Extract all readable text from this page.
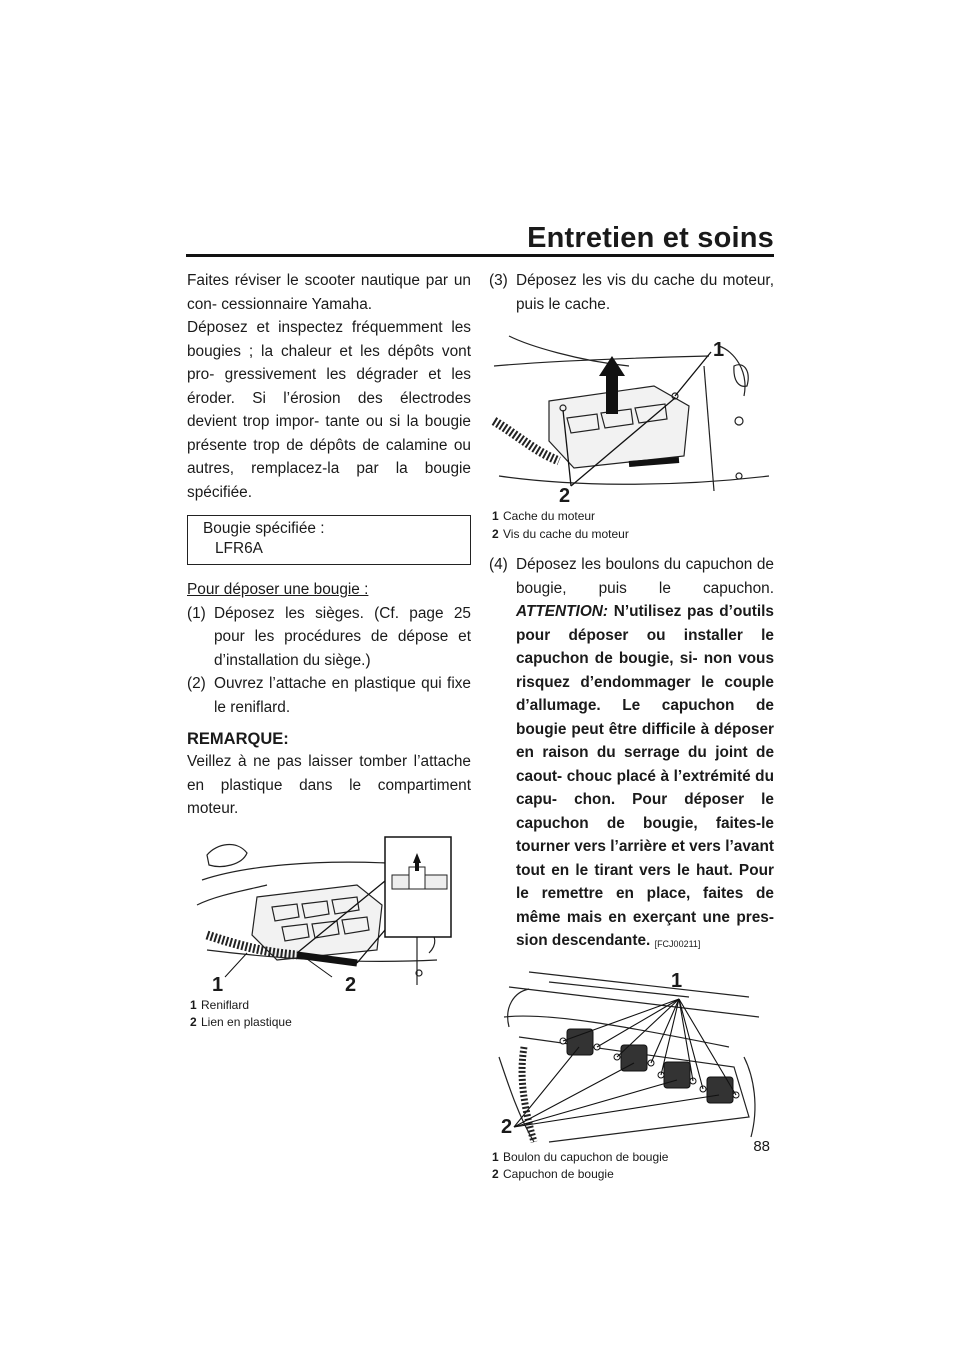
Entretien et soins

Faites réviser le scooter nautique par un con- cessionnaire Yamaha.

Déposez et inspectez fréquemment les bougies ; la chaleur et les dépôts vont pro- gressivement les dégrader et les éroder. Si l’érosion des électrodes devient trop impor- tante ou si la bougie présente trop de dépôts de calamine ou autres, remplacez-la par la bougie spécifiée.

Bougie spécifiée :
LFR6A

Pour déposer une bougie :

(1) Déposez les sièges. (Cf. page 25 pour les procédures de dépose et d’installation du siège.)
(2) Ouvrez l’attache en plastique qui fixe le reniflard.
REMARQUE:

Veillez à ne pas laisser tomber l’attache en plastique dans le compartiment moteur.

1	2
1 Reniflard
2 Lien en plastique
(3) Déposez les vis du cache du moteur, puis le cache.
1
2
1 Cache du moteur
2 Vis du cache du moteur
(4) Déposez les boulons du capuchon de bougie, puis le capuchon. ATTENTION: N’utilisez pas d’outils pour déposer ou installer le capuchon de bougie, si- non vous risquez d’endommager le couple d’allumage. Le capuchon de bougie peut être difficile à déposer en raison du serrage du joint de caout- chouc placé à l’extrémité du capu- chon. Pour déposer le capuchon de bougie, faites-le tourner vers l’arrière et vers l’avant tout en le tirant vers le haut. Pour le remettre en place, faites de même mais en exerçant une pres- sion descendante. [FCJ00211]
1
2
1 Boulon du capuchon de bougie
2 Capuchon de bougie
88
